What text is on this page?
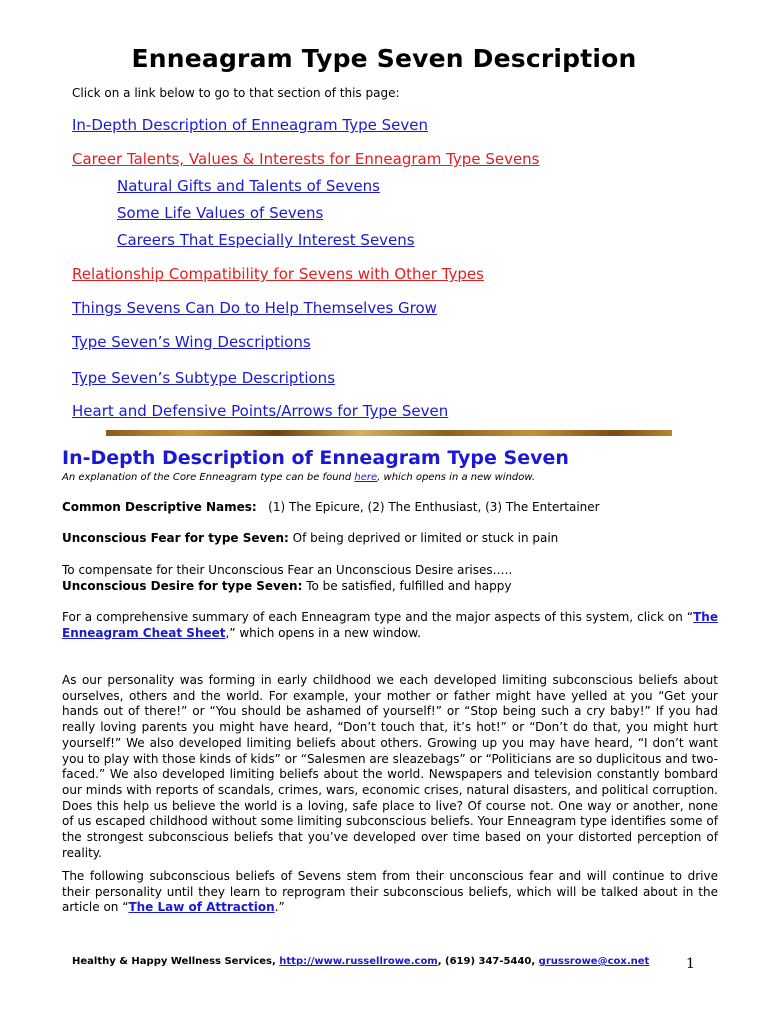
Enneagram Type Seven Description
Click on a link below to go to that section of this page:
In-Depth Description of Enneagram Type Seven
Career Talents, Values & Interests for Enneagram Type Sevens
Natural Gifts and Talents of Sevens
Some Life Values of Sevens
Careers That Especially Interest Sevens
Relationship Compatibility for Sevens with Other Types
Things Sevens Can Do to Help Themselves Grow
Type Seven’s Wing Descriptions
Type Seven’s Subtype Descriptions
Heart and Defensive Points/Arrows for Type Seven
In-Depth Description of Enneagram Type Seven
An explanation of the Core Enneagram type can be found here, which opens in a new window.
Common Descriptive Names: (1) The Epicure, (2) The Enthusiast, (3) The Entertainer
Unconscious Fear for type Seven: Of being deprived or limited or stuck in pain
To compensate for their Unconscious Fear an Unconscious Desire arises…..
Unconscious Desire for type Seven: To be satisfied, fulfilled and happy
For a comprehensive summary of each Enneagram type and the major aspects of this system, click on “The Enneagram Cheat Sheet,” which opens in a new window.
As our personality was forming in early childhood we each developed limiting subconscious beliefs about ourselves, others and the world. For example, your mother or father might have yelled at you “Get your hands out of there!” or “You should be ashamed of yourself!” or “Stop being such a cry baby!” If you had really loving parents you might have heard, “Don’t touch that, it’s hot!” or “Don’t do that, you might hurt yourself!” We also developed limiting beliefs about others. Growing up you may have heard, “I don’t want you to play with those kinds of kids” or “Salesmen are sleazebags” or “Politicians are so duplicitous and two-faced.” We also developed limiting beliefs about the world. Newspapers and television constantly bombard our minds with reports of scandals, crimes, wars, economic crises, natural disasters, and political corruption. Does this help us believe the world is a loving, safe place to live? Of course not. One way or another, none of us escaped childhood without some limiting subconscious beliefs. Your Enneagram type identifies some of the strongest subconscious beliefs that you’ve developed over time based on your distorted perception of reality.
The following subconscious beliefs of Sevens stem from their unconscious fear and will continue to drive their personality until they learn to reprogram their subconscious beliefs, which will be talked about in the article on “The Law of Attraction.”
Healthy & Happy Wellness Services, http://www.russellrowe.com, (619) 347-5440, grussrowe@cox.net	1
